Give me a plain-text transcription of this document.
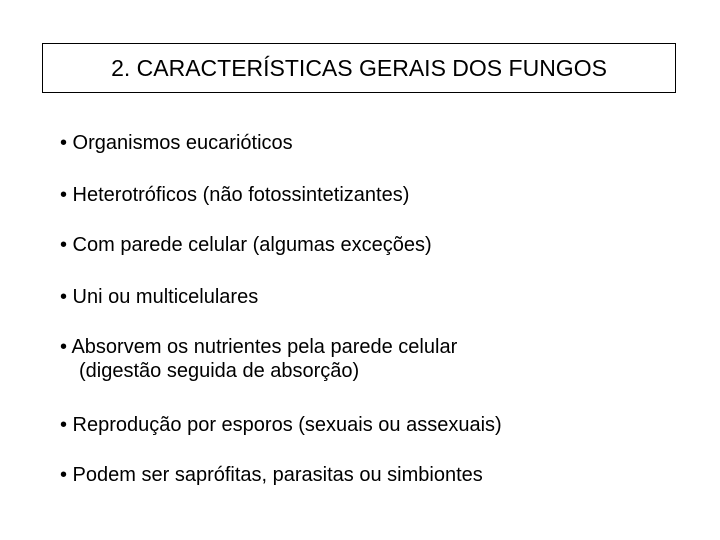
2. CARACTERÍSTICAS GERAIS DOS FUNGOS
• Organismos eucarióticos
• Heterotróficos (não fotossintetizantes)
• Com parede celular (algumas exceções)
• Uni ou multicelulares
• Absorvem os nutrientes pela parede celular
(digestão seguida de absorção)
• Reprodução por esporos (sexuais ou assexuais)
• Podem ser saprófitas, parasitas ou simbiontes
